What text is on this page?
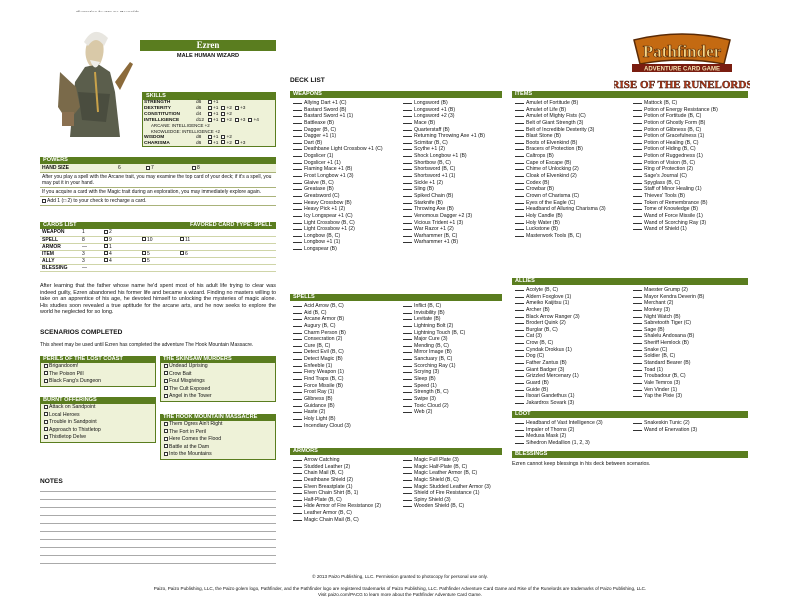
Ezren
MALE HUMAN WIZARD
SKILLS
STRENGTH	d6	+1
DEXTERITY	d6	+1 +2 +3
CONSTITUTION	d4	+1 +2
INTELLIGENCE	d12	+1 +2 +3 +4
ARCANE: INTELLIGENCE +2		
KNOWLEDGE: INTELLIGENCE +2		
WISDOM	d8	+1 +2
CHARISMA	d6	+1 +2 +3
POWERS
HAND SIZE	6	7	8
After you play a spell with the Arcane trait, you may examine the top card of your deck; if it's a spell, you may put it in your hand.
If you acquire a card with the Magic trait during an exploration, you may immediately explore again.
Add 1 (□ 2) to your check to recharge a card.
CARDS LIST	FAVORED CARD TYPE: SPELL
WEAPON	1	2			
SPELL	8	9	10	11	
ARMOR	—	1			
ITEM	3	4	5	6	
ALLY	3	4	5		
BLESSING	—				
After learning that the father whose name he'd spent most of his adult life trying to clear was indeed guilty, Ezren abandoned his former life and became a wizard. Finding no masters willing to take on an apprentice of his age, he devoted himself to unlocking the mysteries of magic alone. His studies soon revealed a true aptitude for the arcane arts, and he now seeks to explore the world he neglected for so long.
SCENARIOS COMPLETED
This sheet may be used until Ezren has completed the adventure The Hook Mountain Massacre.
PERILS OF THE LOST COAST
Brigandoom!
The Poison Pill
Black Fang's Dungeon
BURNT OFFERINGS
Attack on Sandpoint
Local Heroes
Trouble in Sandpoint
Approach to Thistletop
Thistletop Delve
THE SKINSAW MURDERS
Undead Uprising
Crow Bait
Foul Misgivings
The Cult Exposed
Angel in the Tower
THE HOOK MOUNTAIN MASSACRE
Them Ogres Ain't Right
The Fort in Peril
Here Comes the Flood
Battle at the Dam
Into the Mountains
NOTES
Pathfinder
ADVENTURE CARD GAME
RISE OF THE RUNELORDS
DECK LIST
WEAPONS
Allying Dart +1 (C)
Bastard Sword (B)
Bastard Sword +1 (1)
Battleaxe (B)
Dagger (B, C)
Dagger +1 (1)
Dart (B)
Deathbane Light Crossbow +1 (C)
Dogslicer (1)
Dogslicer +1 (1)
Flaming Mace +1 (B)
Frost Longbow +1 (3)
Glaive (B, C)
Greataxe (B)
Greatsword (C)
Heavy Crossbow (B)
Heavy Pick +1 (2)
Icy Longspear +1 (C)
Light Crossbow (B, C)
Light Crossbow +1 (2)
Longbow (B, C)
Longbow +1 (1)
Longspear (B)
Longsword (B)
Longsword +1 (B)
Longsword +2 (3)
Mace (B)
Quarterstaff (B)
Returning Throwing Axe +1 (B)
Scimitar (B, C)
Scythe +1 (2)
Shock Longbow +1 (B)
Shortbow (B, C)
Shortsword (B, C)
Shortsword +1 (1)
Sickle +1 (2)
Sling (B)
Spiked Chain (B)
Starknife (B)
Throwing Axe (B)
Venomous Dagger +2 (3)
Vicious Trident +1 (3)
War Razor +1 (2)
Warhammer (B, C)
Warhammer +1 (B)
SPELLS
Acid Arrow (B, C)
Aid (B, C)
Arcane Armor (B)
Augury (B, C)
Charm Person (B)
Consecration (2)
Cure (B, C)
Detect Evil (B, C)
Detect Magic (B)
Enfeeble (1)
Fiery Weapon (1)
Find Traps (B, C)
Force Missile (B)
Frost Ray (1)
Glibness (B)
Guidance (B)
Haste (2)
Holy Light (B)
Incendiary Cloud (3)
Inflict (B, C)
Invisibility (B)
Levitate (B)
Lightning Bolt (2)
Lightning Touch (B, C)
Major Cure (3)
Mending (B, C)
Mirror Image (B)
Sanctuary (B, C)
Scorching Ray (1)
Scrying (3)
Sleep (B)
Speed (1)
Strength (B, C)
Swipe (3)
Toxic Cloud (2)
Web (2)
ARMORS
Arrow Catching
Studded Leather (2)
Chain Mail (B, C)
Deathbane Shield (2)
Elven Breastplate (1)
Elven Chain Shirt (B, 1)
Half-Plate (B, C)
Hide Armor of Fire Resistance (2)
Leather Armor (B, C)
Magic Chain Mail (B, C)
Magic Full Plate (3)
Magic Half-Plate (B, C)
Magic Leather Armor (B, C)
Magic Shield (B, C)
Magic Studded Leather Armor (3)
Shield of Fire Resistance (1)
Spiny Shield (3)
Wooden Shield (B, C)
ITEMS
Amulet of Fortitude (B)
Amulet of Life (B)
Amulet of Mighty Fists (C)
Belt of Giant Strength (3)
Belt of Incredible Dexterity (3)
Blast Stone (B)
Boots of Elvenkind (B)
Bracers of Protection (B)
Caltrops (B)
Cape of Escape (B)
Chime of Unlocking (2)
Cloak of Elvenkind (2)
Codex (B)
Crowbar (B)
Crown of Charisma (C)
Eyes of the Eagle (C)
Headband of Alluring Charisma (3)
Holy Candle (B)
Holy Water (B)
Luckstone (B)
Masterwork Tools (B, C)
Mattock (B, C)
Potion of Energy Resistance (B)
Potion of Fortitude (B, C)
Potion of Ghostly Form (B)
Potion of Glibness (B, C)
Potion of Gracefulness (1)
Potion of Healing (B, C)
Potion of Hiding (B, C)
Potion of Ruggedness (1)
Potion of Vision (B, C)
Ring of Protection (2)
Sage's Journal (C)
Spyglass (B, C)
Staff of Minor Healing (1)
Thieves' Tools (B)
Token of Remembrance (B)
Tome of Knowledge (B)
Wand of Force Missile (1)
Wand of Scorching Ray (3)
Wand of Shield (1)
ALLIES
Acolyte (B, C)
Aldern Foxglove (1)
Ameiko Kaijitsu (1)
Archer (B)
Black Arrow Ranger (3)
Brodert Quink (2)
Burglar (B, C)
Cat (3)
Crow (B, C)
Cyndak Drokkus (1)
Dog (C)
Father Zantus (B)
Giant Badger (3)
Grizzled Mercenary (1)
Guard (B)
Guide (B)
Ilsoari Gandethus (1)
Jakardros Sovark (3)
Maester Grump (2)
Mayor Kendra Deverin (B)
Merchant (2)
Monkey (3)
Night Watch (B)
Sabretooth Tiger (C)
Sage (B)
Shalelu Andosana (B)
Sheriff Hemlock (B)
Snake (C)
Soldier (B, C)
Standard Bearer (B)
Toad (1)
Troubadour (B, C)
Vale Temros (3)
Ven Vinder (1)
Yap the Pixie (3)
LOOT
Headband of Vast Intelligence (3)
Impaler of Thorns (2)
Medusa Mask (2)
Sihedron Medallion (1, 2, 3)
Snakeskin Tunic (2)
Wand of Enervation (3)
BLESSINGS
Ezren cannot keep blessings in his deck between scenarios.
© 2013 Paizo Publishing, LLC. Permission granted to photocopy for personal use only.
Paizo, Paizo Publishing, LLC, the Paizo golem logo, Pathfinder, and the Pathfinder logo are registered trademarks of Paizo Publishing, LLC. Pathfinder Adventure Card Game and Rise of the Runelords are trademarks of Paizo Publishing, LLC.
Visit paizo.com/PACG to learn more about the Pathfinder Adventure Card Game.
